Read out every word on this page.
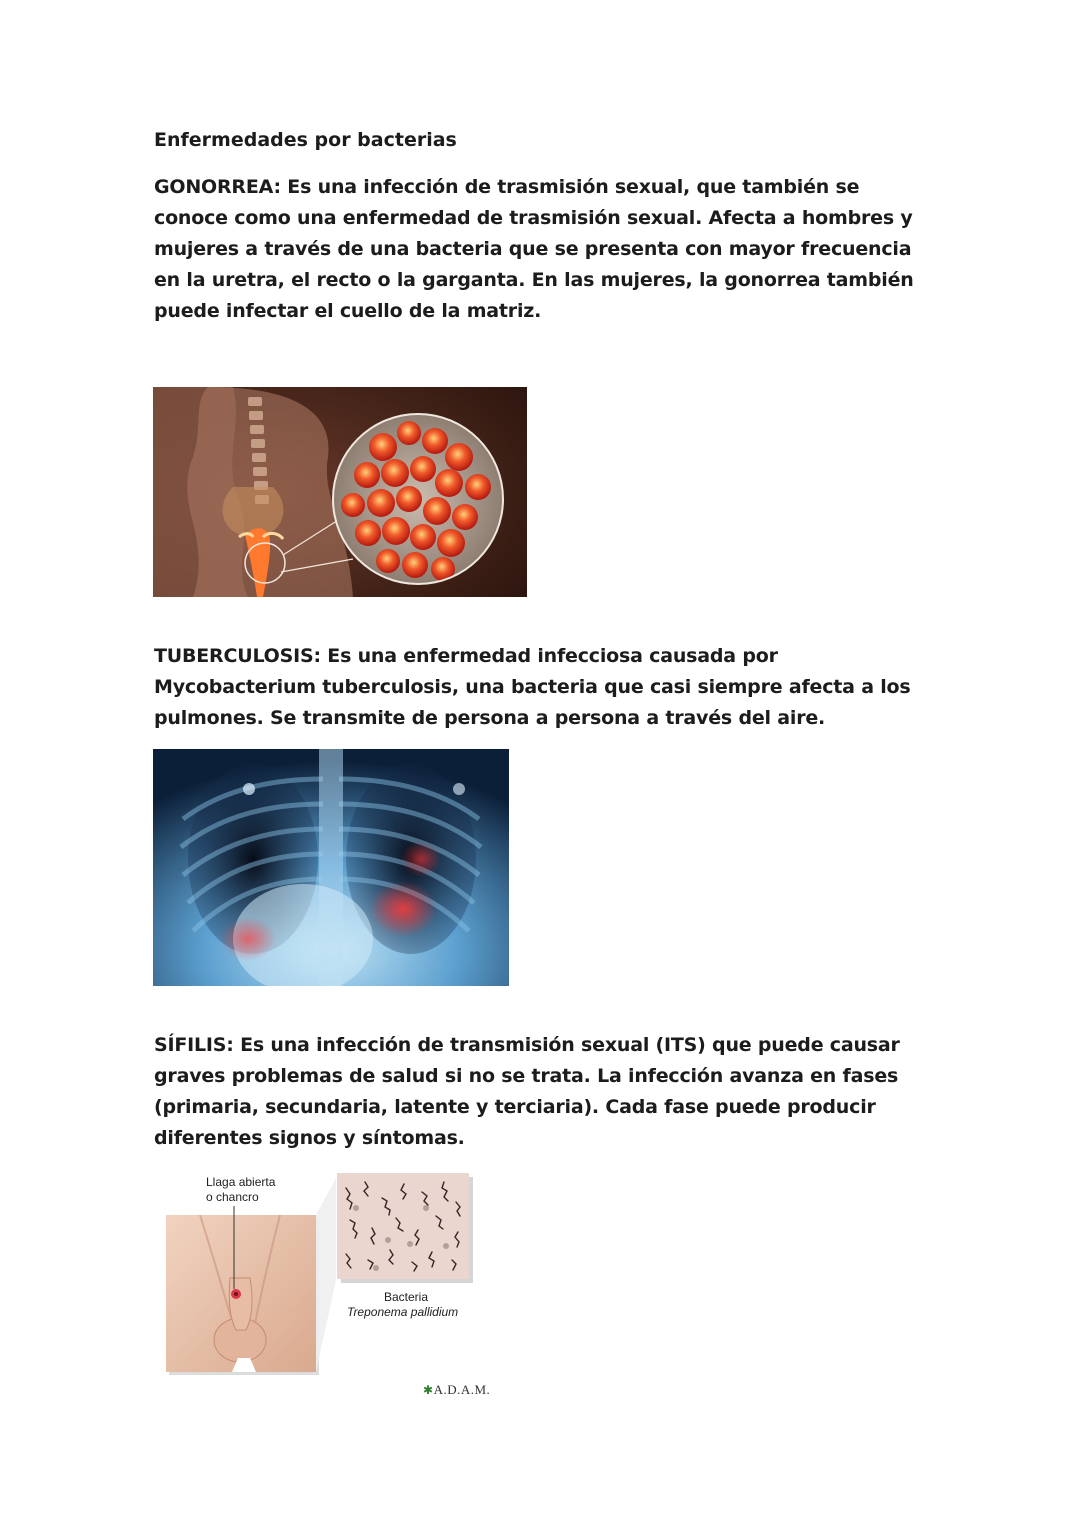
Enfermedades por bacterias

GONORREA: Es una infección de trasmisión sexual, que también se conoce como una enfermedad de trasmisión sexual. Afecta a hombres y mujeres a través de una bacteria que se presenta con mayor frecuencia en la uretra, el recto o la garganta. En las mujeres, la gonorrea también puede infectar el cuello de la matriz.

TUBERCULOSIS: Es una enfermedad infecciosa causada por Mycobacterium tuberculosis, una bacteria que casi siempre afecta a los pulmones. Se transmite de persona a persona a través del aire.

SÍFILIS: Es una infección de transmisión sexual (ITS) que puede causar graves problemas de salud si no se trata. La infección avanza en fases (primaria, secundaria, latente y terciaria). Cada fase puede producir diferentes signos y síntomas.

Llaga abierta
o chancro
Bacteria
Treponema pallidium
✱A.D.A.M.
